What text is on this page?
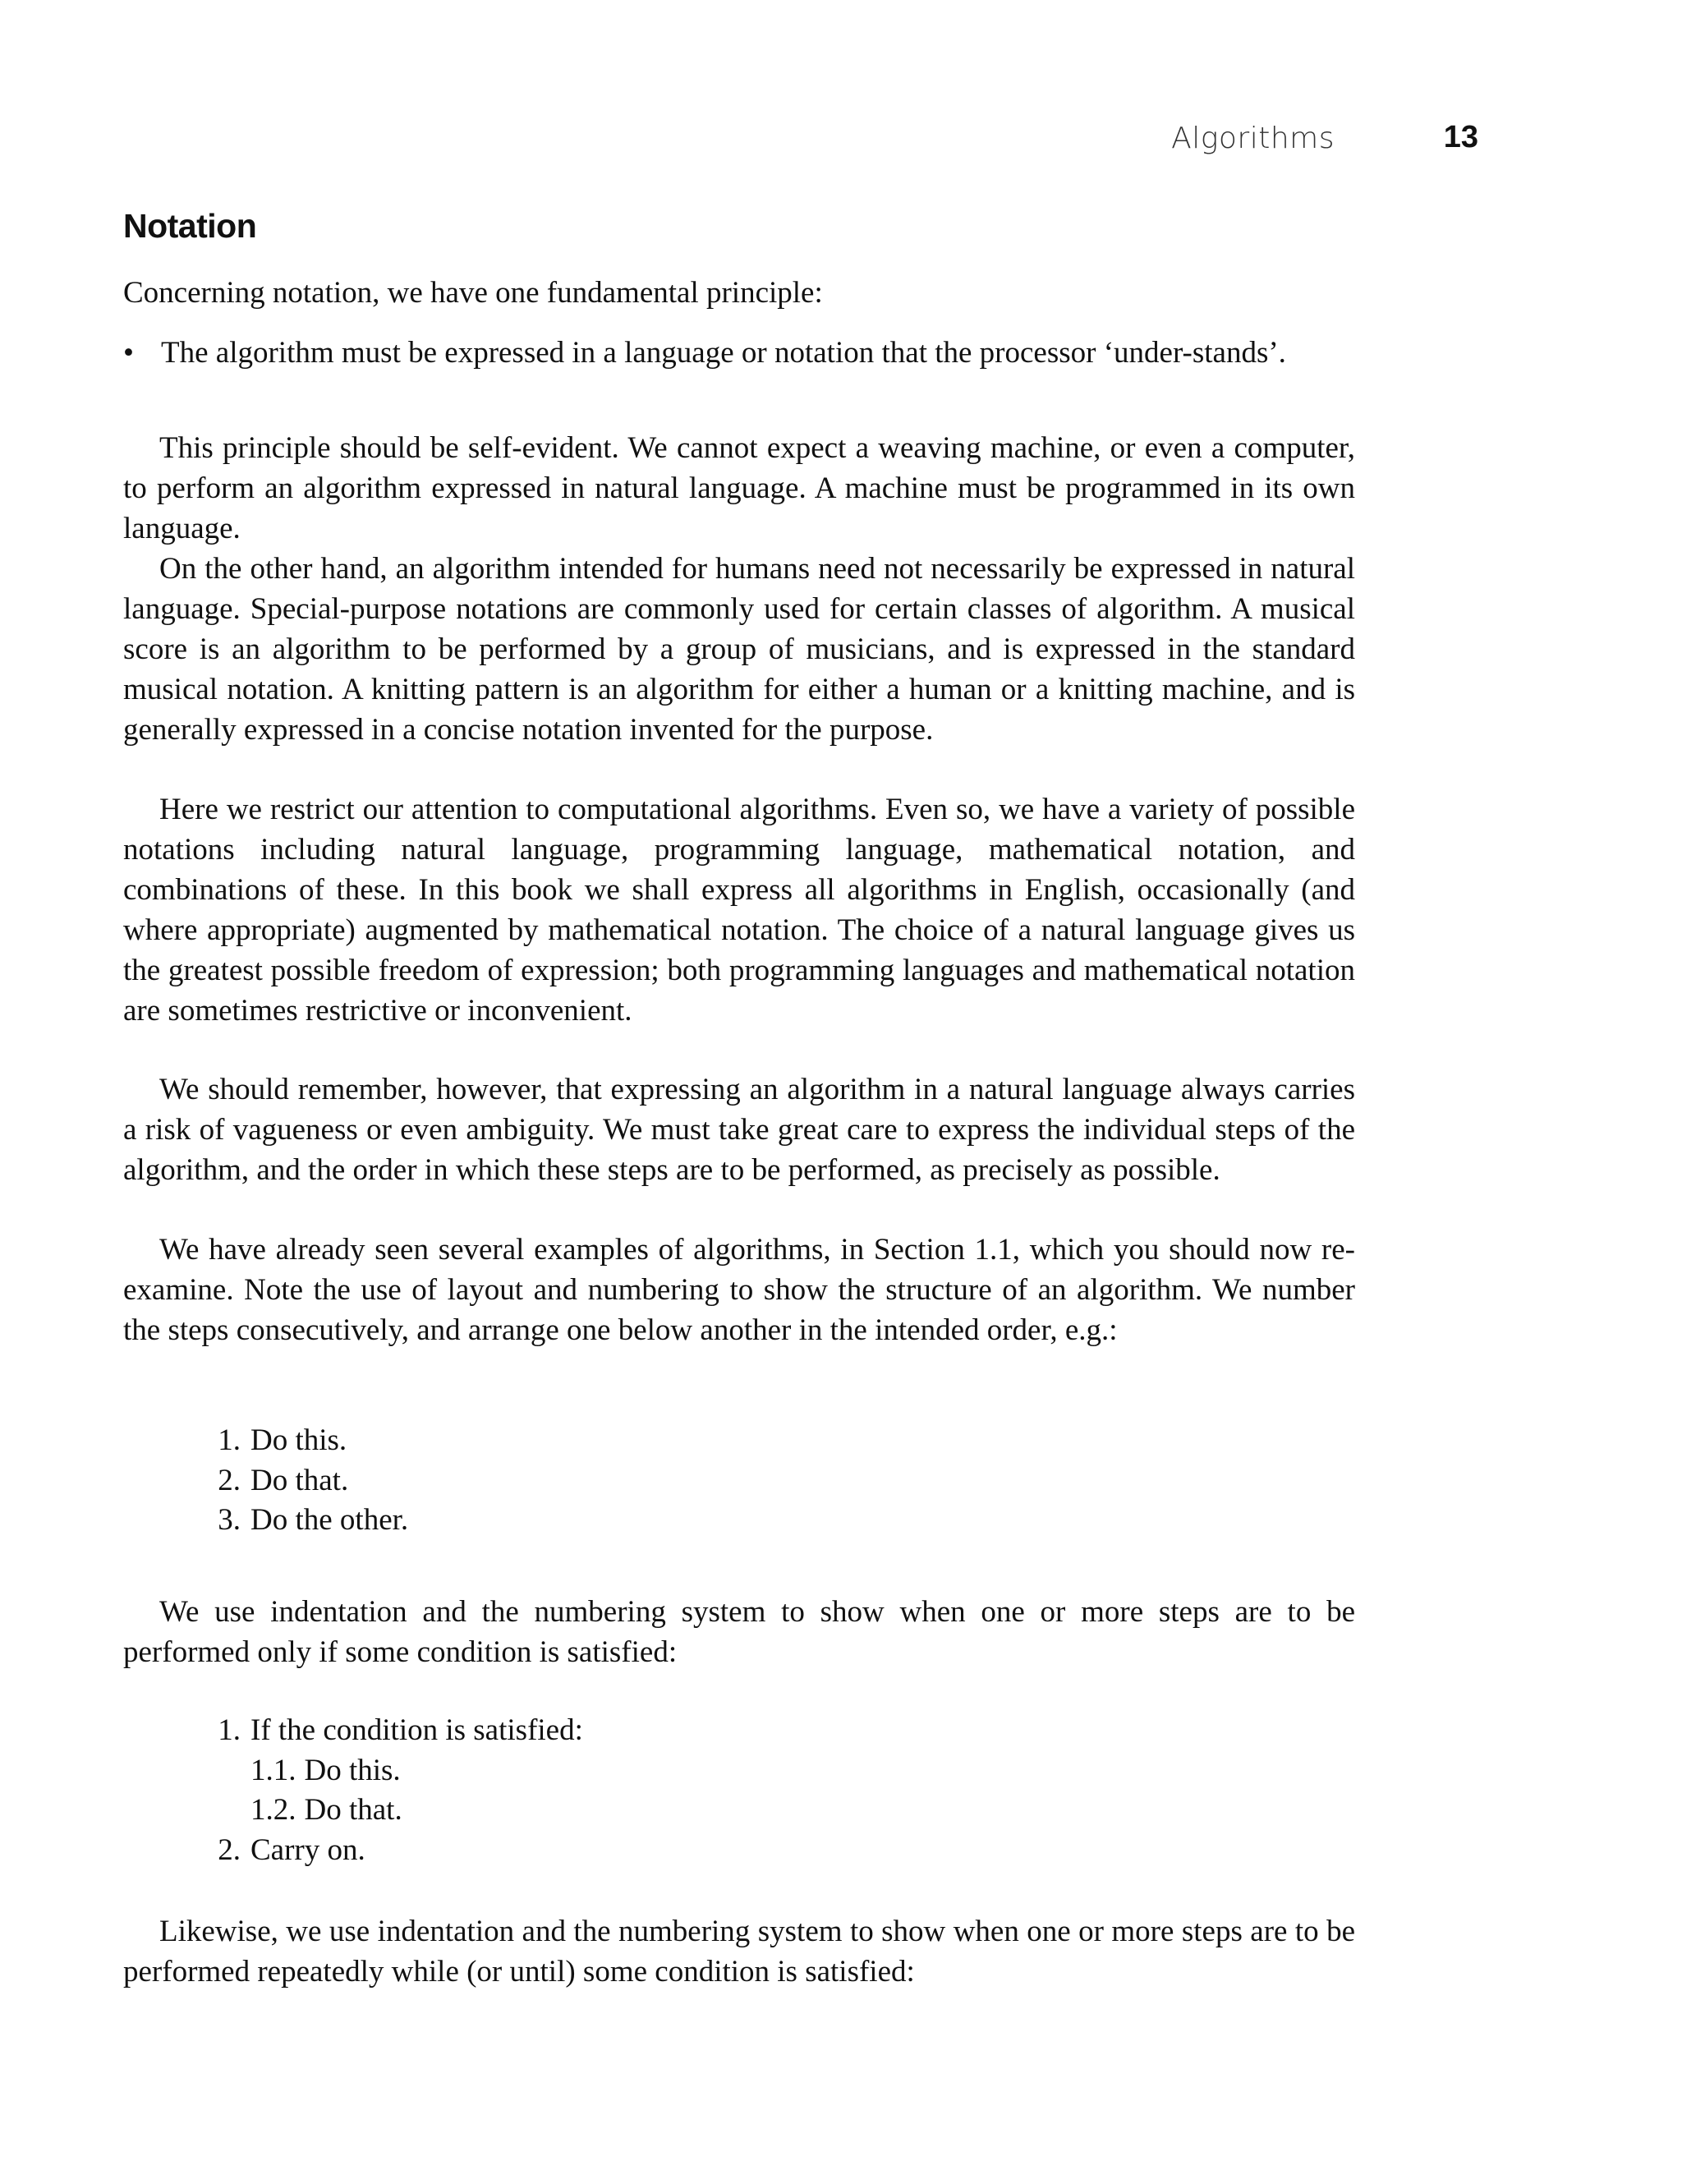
Algorithms	13
Notation

Concerning notation, we have one fundamental principle:

• The algorithm must be expressed in a language or notation that the processor ‘under-stands’.

This principle should be self-evident. We cannot expect a weaving machine, or even a computer, to perform an algorithm expressed in natural language. A machine must be programmed in its own language.

On the other hand, an algorithm intended for humans need not necessarily be expressed in natural language. Special-purpose notations are commonly used for certain classes of algorithm. A musical score is an algorithm to be performed by a group of musicians, and is expressed in the standard musical notation. A knitting pattern is an algorithm for either a human or a knitting machine, and is generally expressed in a concise notation invented for the purpose.

Here we restrict our attention to computational algorithms. Even so, we have a variety of possible notations including natural language, programming language, mathematical notation, and combinations of these. In this book we shall express all algorithms in English, occasionally (and where appropriate) augmented by mathematical notation. The choice of a natural language gives us the greatest possible freedom of expression; both programming languages and mathematical notation are sometimes restrictive or inconvenient.

We should remember, however, that expressing an algorithm in a natural language always carries a risk of vagueness or even ambiguity. We must take great care to express the individual steps of the algorithm, and the order in which these steps are to be performed, as precisely as possible.

We have already seen several examples of algorithms, in Section 1.1, which you should now re-examine. Note the use of layout and numbering to show the structure of an algorithm. We number the steps consecutively, and arrange one below another in the intended order, e.g.:

1. Do this.
2. Do that.
3. Do the other.

We use indentation and the numbering system to show when one or more steps are to be performed only if some condition is satisfied:

1. If the condition is satisfied:
1.1. Do this.
1.2. Do that.
2. Carry on.

Likewise, we use indentation and the numbering system to show when one or more steps are to be performed repeatedly while (or until) some condition is satisfied:
